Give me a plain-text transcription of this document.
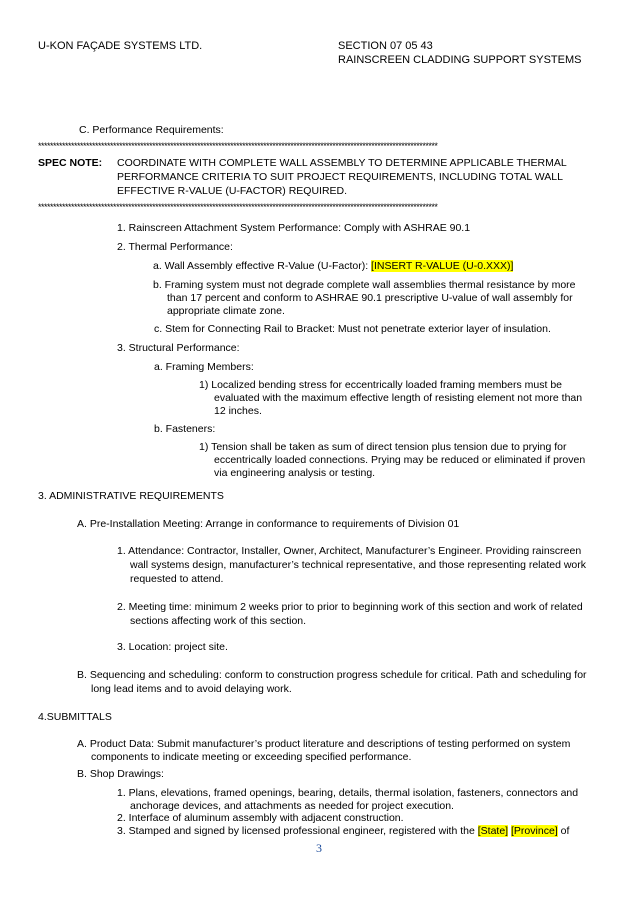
U-KON FAÇADE SYSTEMS LTD.	SECTION 07 05 43
RAINSCREEN CLADDING SUPPORT SYSTEMS
C. Performance Requirements:
*************************************************************************************************************************************
SPEC NOTE: COORDINATE WITH COMPLETE WALL ASSEMBLY TO DETERMINE APPLICABLE THERMAL
PERFORMANCE CRITERIA TO SUIT PROJECT REQUIREMENTS, INCLUDING TOTAL WALL
EFFECTIVE R-VALUE (U-FACTOR) REQUIRED.
*************************************************************************************************************************************
1. Rainscreen Attachment System Performance: Comply with ASHRAE 90.1
2. Thermal Performance:
a. Wall Assembly effective R-Value (U-Factor): [INSERT R-VALUE (U-0.XXX)]
b. Framing system must not degrade complete wall assemblies thermal resistance by more
than 17 percent and conform to ASHRAE 90.1 prescriptive U-value of wall assembly for
appropriate climate zone.
c. Stem for Connecting Rail to Bracket: Must not penetrate exterior layer of insulation.
3. Structural Performance:
a. Framing Members:
1) Localized bending stress for eccentrically loaded framing members must be
evaluated with the maximum effective length of resisting element not more than
12 inches.
b. Fasteners:
1) Tension shall be taken as sum of direct tension plus tension due to prying for
eccentrically loaded connections. Prying may be reduced or eliminated if proven
via engineering analysis or testing.
3. ADMINISTRATIVE REQUIREMENTS
A. Pre-Installation Meeting: Arrange in conformance to requirements of Division 01
1. Attendance: Contractor, Installer, Owner, Architect, Manufacturer’s Engineer. Providing rainscreen
wall systems design, manufacturer’s technical representative, and those representing related work
requested to attend.
2. Meeting time: minimum 2 weeks prior to prior to beginning work of this section and work of related
sections affecting work of this section.
3. Location: project site.
B. Sequencing and scheduling: conform to construction progress schedule for critical. Path and scheduling for
long lead items and to avoid delaying work.
4.SUBMITTALS
A. Product Data: Submit manufacturer’s product literature and descriptions of testing performed on system
components to indicate meeting or exceeding specified performance.
B. Shop Drawings:
1. Plans, elevations, framed openings, bearing, details, thermal isolation, fasteners, connectors and
anchorage devices, and attachments as needed for project execution.
2. Interface of aluminum assembly with adjacent construction.
3. Stamped and signed by licensed professional engineer, registered with the [State] [Province] of
3
